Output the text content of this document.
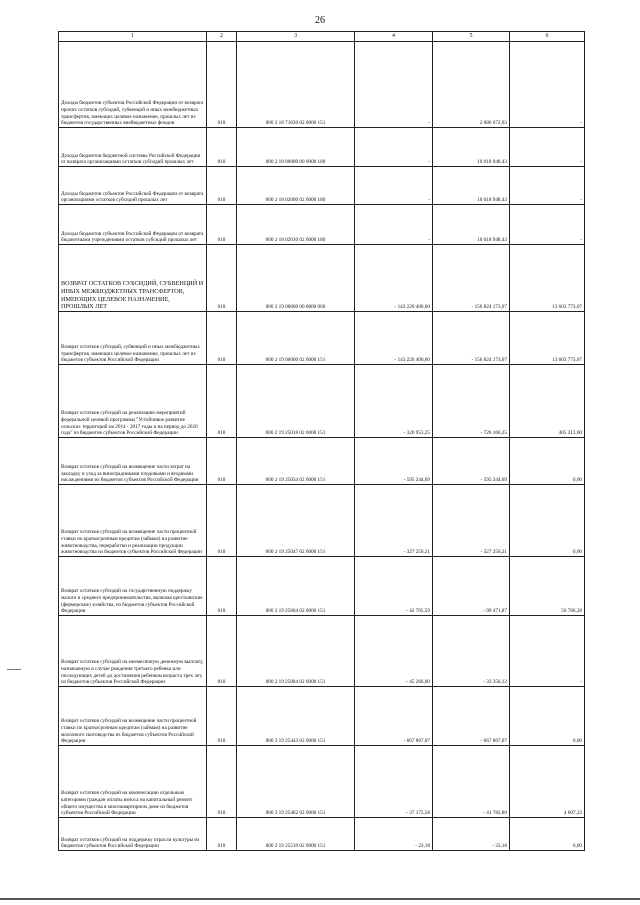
26
1	2	3	4	5	6
Доходы бюджетов субъектов Российской Федерации от возврата прочих остатков субсидий, субвенций и иных межбюджетных трансфертов, имеющих целевое назначение, прошлых лет из бюджетов государственных внебюджетных фондов	010	000 2 18 71030 02 0000 151	-	2 086 672,83	-
Доходы бюджетов бюджетной системы Российской Федерации от возврата организациями остатков субсидий прошлых лет	010	000 2 18 00000 00 0000 180	-	10 018 948,43	-
Доходы бюджетов субъектов Российской Федерации от возврата организациями остатков субсидий прошлых лет	010	000 2 18 02000 02 0000 180	-	10 018 948,43	-
Доходы бюджетов субъектов Российской Федерации от возврата бюджетными учреждениями остатков субсидий прошлых лет	010	000 2 18 02010 02 0000 180	-	10 018 948,43	-
ВОЗВРАТ ОСТАТКОВ СУБСИДИЙ, СУБВЕНЦИЙ И ИНЫХ МЕЖБЮДЖЕТНЫХ ТРАНСФЕРТОВ, ИМЕЮЩИХ ЦЕЛЕВОЕ НАЗНАЧЕНИЕ, ПРОШЛЫХ ЛЕТ	010	000 2 19 00000 00 0000 000	- 143 220 400,00	- 156 824 173,07	13 603 773,07
Возврат остатков субсидий, субвенций и иных межбюджетных трансфертов, имеющих целевое назначение, прошлых лет из бюджетов субъектов Российской Федерации	010	000 2 19 00000 02 0000 151	- 143 220 400,00	- 156 824 173,07	13 603 773,07
Возврат остатков субсидий на реализацию мероприятий федеральной целевой программы "Устойчивое развитие сельских территорий на 2014 - 2017 годы и на период до 2020 года" из бюджетов субъектов Российской Федерации	010	000 2 19 25018 02 0000 151	- 320 953,25	- 726 166,25	405 213,00
Возврат остатков субсидий на возмещение части затрат на закладку и уход за виноградниками плодовыми и ягодными насаждениями из бюджетов субъектов Российской Федерации	010	000 2 19 25034 02 0000 151	- 595 244,69	- 595 244,69	0,00
Возврат остатков субсидий на возмещение части процентной ставки по краткосрочным кредитам (займам) на развитие животноводства, переработки и реализации продукции животноводства из бюджетов субъектов Российской Федерации	010	000 2 19 25047 02 0000 151	- 327 250,21	- 327 250,21	0,00
Возврат остатков субсидий на государственную поддержку малого и среднего предпринимательства, включая крестьянские (фермерские) хозяйства, из бюджетов субъектов Российской Федерации	010	000 2 19 25064 02 0000 151	- 42 705,59	- 99 471,87	56 766,28
Возврат остатков субсидий на ежемесячную денежную выплату, назначаемую в случае рождения третьего ребенка или последующих детей до достижения ребенком возраста трех лет, из бюджетов субъектов Российской Федерации	010	000 2 19 25084 02 0000 151	- 45 266,00	- 33 356,12	-
Возврат остатков субсидий на возмещение части процентной ставки по краткосрочным кредитам (займам) на развитие молочного скотоводства из бюджетов субъектов Российской Федерации	010	000 2 19 25443 02 0000 151	- 667 867,07	- 667 867,07	0,00
Возврат остатков субсидий на компенсацию отдельным категориям граждан оплаты взноса на капитальный ремонт общего имущества в многоквартирном доме из бюджетов субъектов Российской Федерации	010	000 2 19 25462 02 0000 151	- 37 175,58	- 41 782,80	4 607,22
Возврат остатков субсидий на поддержку отрасли культуры из бюджетов субъектов Российской Федерации	010	000 2 19 25519 02 0000 151	- 23,18	- 23,18	0,00
